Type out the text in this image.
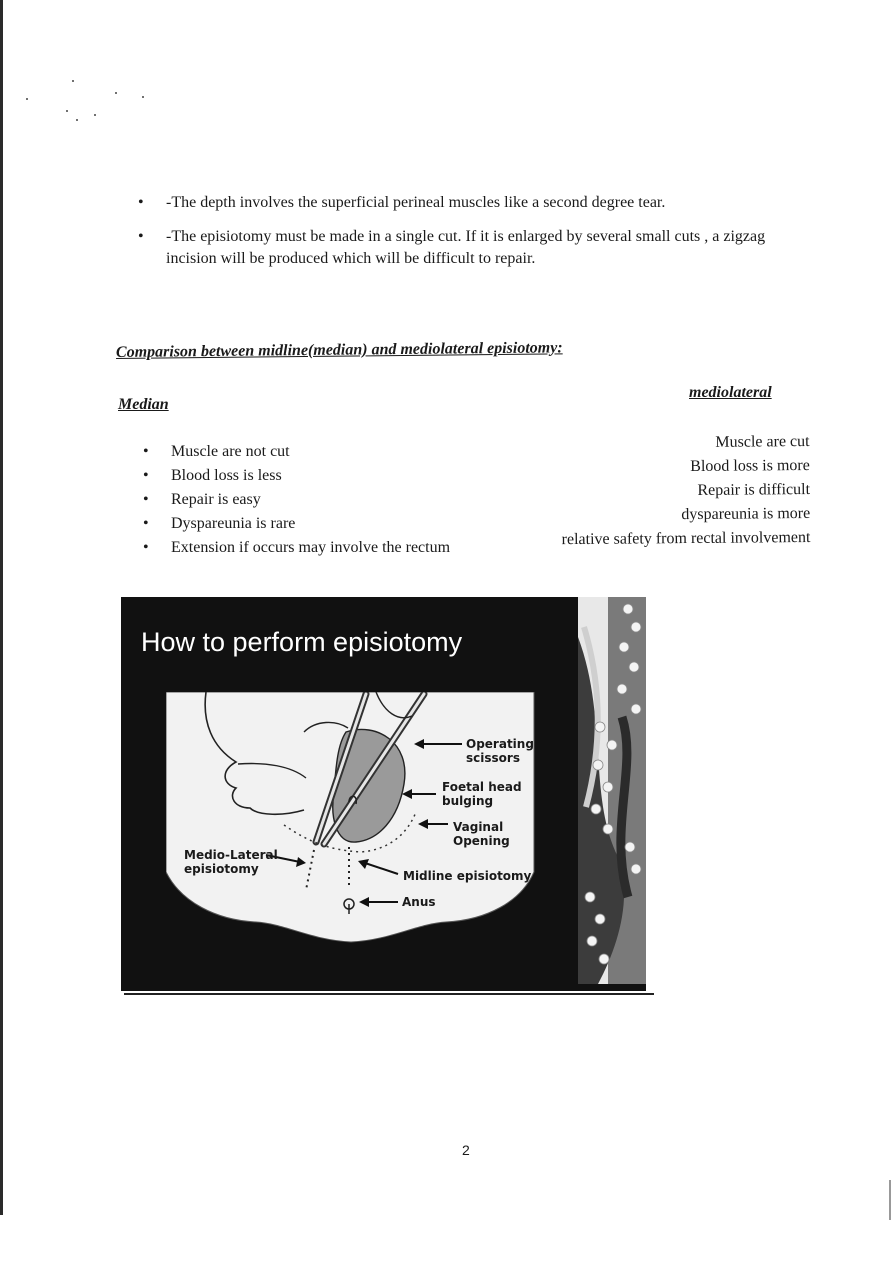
• -The depth involves the superficial perineal muscles like a second degree tear.
• -The episiotomy must be made in a single cut. If it is enlarged by several small cuts , a zigzag incision will be produced which will be difficult to repair.
Comparison between midline(median) and mediolateral episiotomy:
Median
mediolateral
• Muscle are not cut
• Blood loss is less
• Repair is easy
• Dyspareunia is rare
• Extension if occurs may involve the rectum
Muscle are cut
Blood loss is more
Repair is difficult
dyspareunia is more
relative safety from rectal involvement
How to perform episiotomy
Operating scissors
Foetal head bulging
Vaginal Opening
Medio-Lateral episiotomy	Midline episiotomy
Anus
2
